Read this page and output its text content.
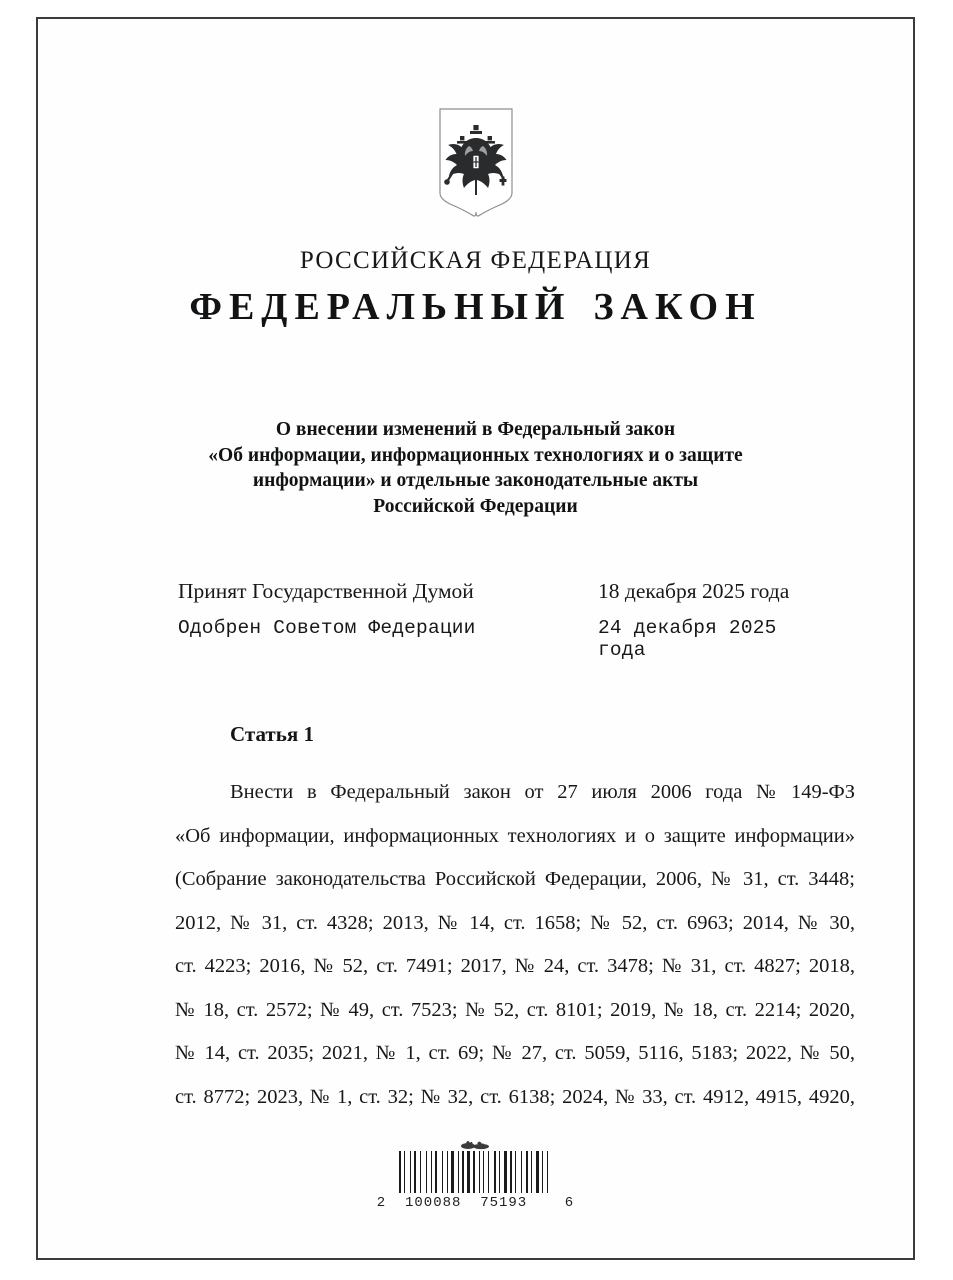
РОССИЙСКАЯ ФЕДЕРАЦИЯ
ФЕДЕРАЛЬНЫЙ ЗАКОН
О внесении изменений в Федеральный закон
«Об информации, информационных технологиях и о защите
информации» и отдельные законодательные акты
Российской Федерации
Принят Государственной Думой	18 декабря 2025 года
Одобрен Советом Федерации	24 декабря 2025 года
Статья 1
Внести в Федеральный закон от 27 июля 2006 года № 149-ФЗ
«Об информации, информационных технологиях и о защите информации»
(Собрание законодательства Российской Федерации, 2006, № 31, ст. 3448;
2012, № 31, ст. 4328; 2013, № 14, ст. 1658; № 52, ст. 6963; 2014, № 30,
ст. 4223; 2016, № 52, ст. 7491; 2017, № 24, ст. 3478; № 31, ст. 4827; 2018,
№ 18, ст. 2572; № 49, ст. 7523; № 52, ст. 8101; 2019, № 18, ст. 2214; 2020,
№ 14, ст. 2035; 2021, № 1, ст. 69; № 27, ст. 5059, 5116, 5183; 2022, № 50,
ст. 8772; 2023, № 1, ст. 32; № 32, ст. 6138; 2024, № 33, ст. 4912, 4915, 4920,
2  100088  75193    6
